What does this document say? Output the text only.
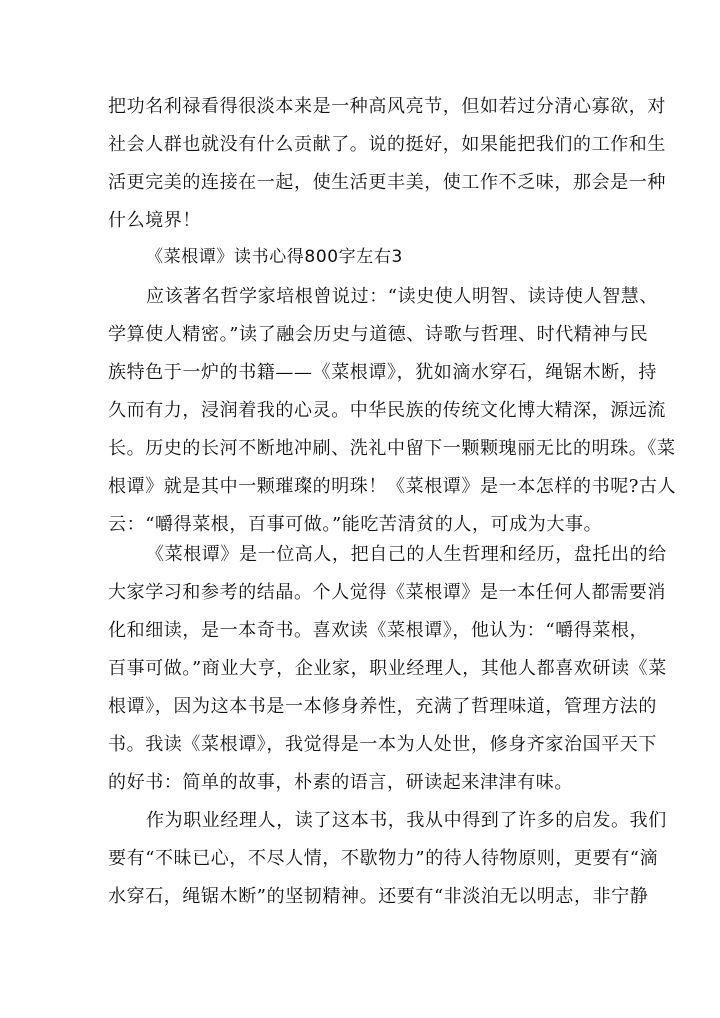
把功名利禄看得很淡本来是一种高风亮节，但如若过分清心寡欲，对
社会人群也就没有什么贡献了。说的挺好，如果能把我们的工作和生
活更完美的连接在一起，使生活更丰美，使工作不乏味，那会是一种
什么境界！
《菜根谭》读书心得800字左右3
应该著名哲学家培根曾说过：“读史使人明智、读诗使人智慧、
学算使人精密。”读了融会历史与道德、诗歌与哲理、时代精神与民
族特色于一炉的书籍——《菜根谭》，犹如滴水穿石，绳锯木断，持
久而有力，浸润着我的心灵。中华民族的传统文化博大精深，源远流
长。历史的长河不断地冲刷、洗礼中留下一颗颗瑰丽无比的明珠。《菜
根谭》就是其中一颗璀璨的明珠！《菜根谭》是一本怎样的书呢?古人
云：“嚼得菜根，百事可做。”能吃苦清贫的人，可成为大事。
《菜根谭》是一位高人，把自己的人生哲理和经历，盘托出的给
大家学习和参考的结晶。个人觉得《菜根谭》是一本任何人都需要消
化和细读，是一本奇书。喜欢读《菜根谭》，他认为：“嚼得菜根，
百事可做。”商业大亨，企业家，职业经理人，其他人都喜欢研读《菜
根谭》，因为这本书是一本修身养性，充满了哲理味道，管理方法的
书。我读《菜根谭》，我觉得是一本为人处世，修身齐家治国平天下
的好书：简单的故事，朴素的语言，研读起来津津有味。
作为职业经理人，读了这本书，我从中得到了许多的启发。我们
要有“不昧已心，不尽人情，不歇物力”的待人待物原则，更要有“滴
水穿石，绳锯木断”的坚韧精神。还要有“非淡泊无以明志，非宁静
